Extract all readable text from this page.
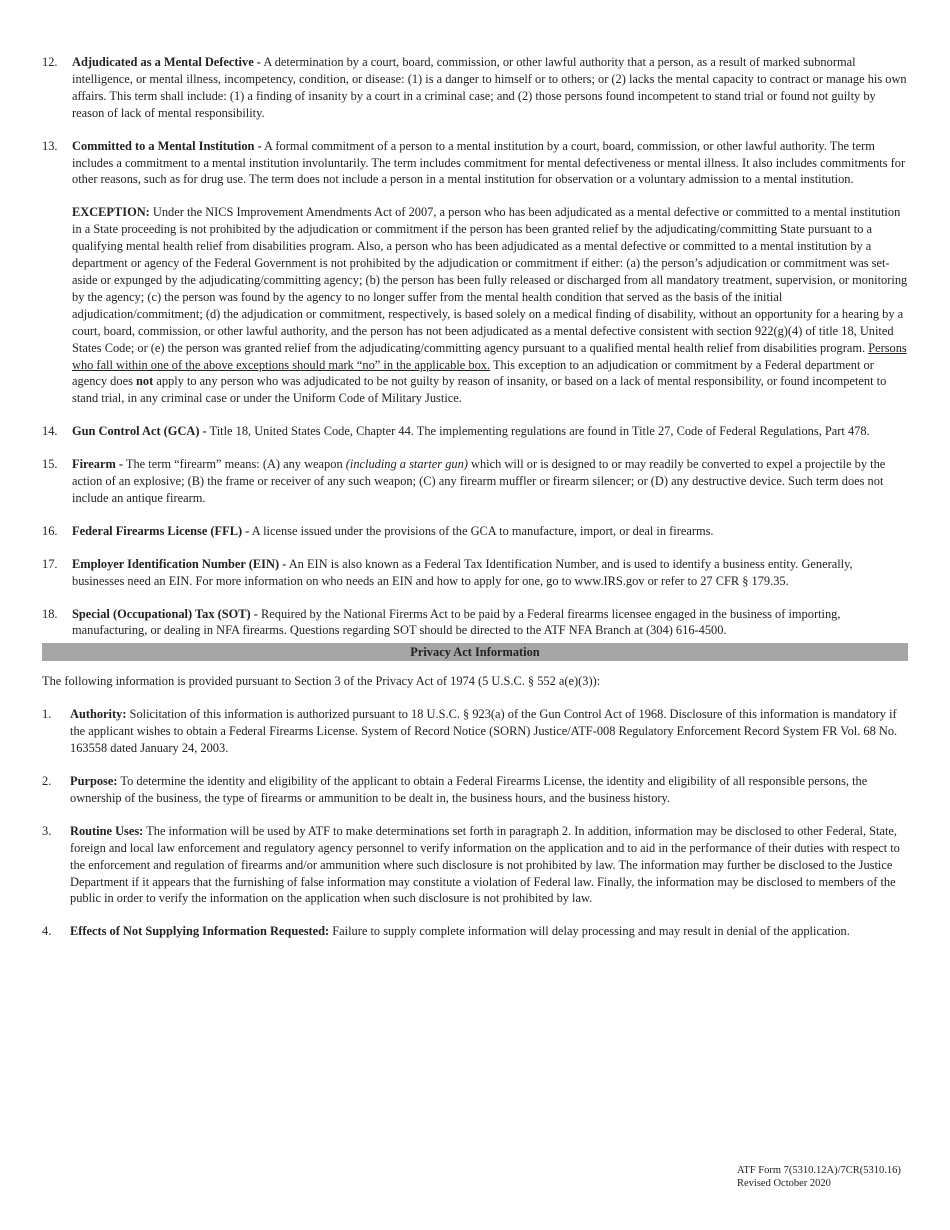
12.	Adjudicated as a Mental Defective - A determination by a court, board, commission, or other lawful authority that a person, as a result of marked subnormal intelligence, or mental illness, incompetency, condition, or disease: (1) is a danger to himself or to others; or (2) lacks the mental capacity to contract or manage his own affairs. This term shall include: (1) a finding of insanity by a court in a criminal case; and (2) those persons found incompetent to stand trial or found not guilty by reason of lack of mental responsibility.
13.	Committed to a Mental Institution - A formal commitment of a person to a mental institution by a court, board, commission, or other lawful authority. The term includes a commitment to a mental institution involuntarily. The term includes commitment for mental defectiveness or mental illness. It also includes commitments for other reasons, such as for drug use. The term does not include a person in a mental institution for observation or a voluntary admission to a mental institution.

EXCEPTION: Under the NICS Improvement Amendments Act of 2007, a person who has been adjudicated as a mental defective or committed to a mental institution in a State proceeding is not prohibited by the adjudication or commitment if the person has been granted relief by the adjudicating/committing State pursuant to a qualifying mental health relief from disabilities program. Also, a person who has been adjudicated as a mental defective or committed to a mental institution by a department or agency of the Federal Government is not prohibited by the adjudication or commitment if either: (a) the person’s adjudication or commitment was set-aside or expunged by the adjudicating/committing agency; (b) the person has been fully released or discharged from all mandatory treatment, supervision, or monitoring by the agency; (c) the person was found by the agency to no longer suffer from the mental health condition that served as the basis of the initial adjudication/commitment; (d) the adjudication or commitment, respectively, is based solely on a medical finding of disability, without an opportunity for a hearing by a court, board, commission, or other lawful authority, and the person has not been adjudicated as a mental defective consistent with section 922(g)(4) of title 18, United States Code; or (e) the person was granted relief from the adjudicating/committing agency pursuant to a qualified mental health relief from disabilities program. Persons who fall within one of the above exceptions should mark “no” in the applicable box. This exception to an adjudication or commitment by a Federal department or agency does not apply to any person who was adjudicated to be not guilty by reason of insanity, or based on a lack of mental responsibility, or found incompetent to stand trial, in any criminal case or under the Uniform Code of Military Justice.

14.	Gun Control Act (GCA) - Title 18, United States Code, Chapter 44. The implementing regulations are found in Title 27, Code of Federal Regulations, Part 478.
15.	Firearm - The term “firearm” means: (A) any weapon (including a starter gun) which will or is designed to or may readily be converted to expel a projectile by the action of an explosive; (B) the frame or receiver of any such weapon; (C) any firearm muffler or firearm silencer; or (D) any destructive device. Such term does not include an antique firearm.
16.	Federal Firearms License (FFL) - A license issued under the provisions of the GCA to manufacture, import, or deal in firearms.
17.	Employer Identification Number (EIN) - An EIN is also known as a Federal Tax Identification Number, and is used to identify a business entity. Generally, businesses need an EIN. For more information on who needs an EIN and how to apply for one, go to www.IRS.gov or refer to 27 CFR § 179.35.
18.	Special (Occupational) Tax (SOT) - Required by the National Firerms Act to be paid by a Federal firearms licensee engaged in the business of importing, manufacturing, or dealing in NFA firearms. Questions regarding SOT should be directed to the ATF NFA Branch at (304) 616-4500.
Privacy Act Information
The following information is provided pursuant to Section 3 of the Privacy Act of 1974 (5 U.S.C. § 552 a(e)(3)):
1.	Authority: Solicitation of this information is authorized pursuant to 18 U.S.C. § 923(a) of the Gun Control Act of 1968. Disclosure of this information is mandatory if the applicant wishes to obtain a Federal Firearms License. System of Record Notice (SORN) Justice/ATF-008 Regulatory Enforcement Record System FR Vol. 68 No. 163558 dated January 24, 2003.
2.	Purpose: To determine the identity and eligibility of the applicant to obtain a Federal Firearms License, the identity and eligibility of all responsible persons, the ownership of the business, the type of firearms or ammunition to be dealt in, the business hours, and the business history.
3.	Routine Uses: The information will be used by ATF to make determinations set forth in paragraph 2. In addition, information may be disclosed to other Federal, State, foreign and local law enforcement and regulatory agency personnel to verify information on the application and to aid in the performance of their duties with respect to the enforcement and regulation of firearms and/or ammunition where such disclosure is not prohibited by law. The information may further be disclosed to the Justice Department if it appears that the furnishing of false information may constitute a violation of Federal law. Finally, the information may be disclosed to members of the public in order to verify the information on the application when such disclosure is not prohibited by law.
4.	Effects of Not Supplying Information Requested: Failure to supply complete information will delay processing and may result in denial of the application.
ATF Form 7(5310.12A)/7CR(5310.16)
Revised October 2020
